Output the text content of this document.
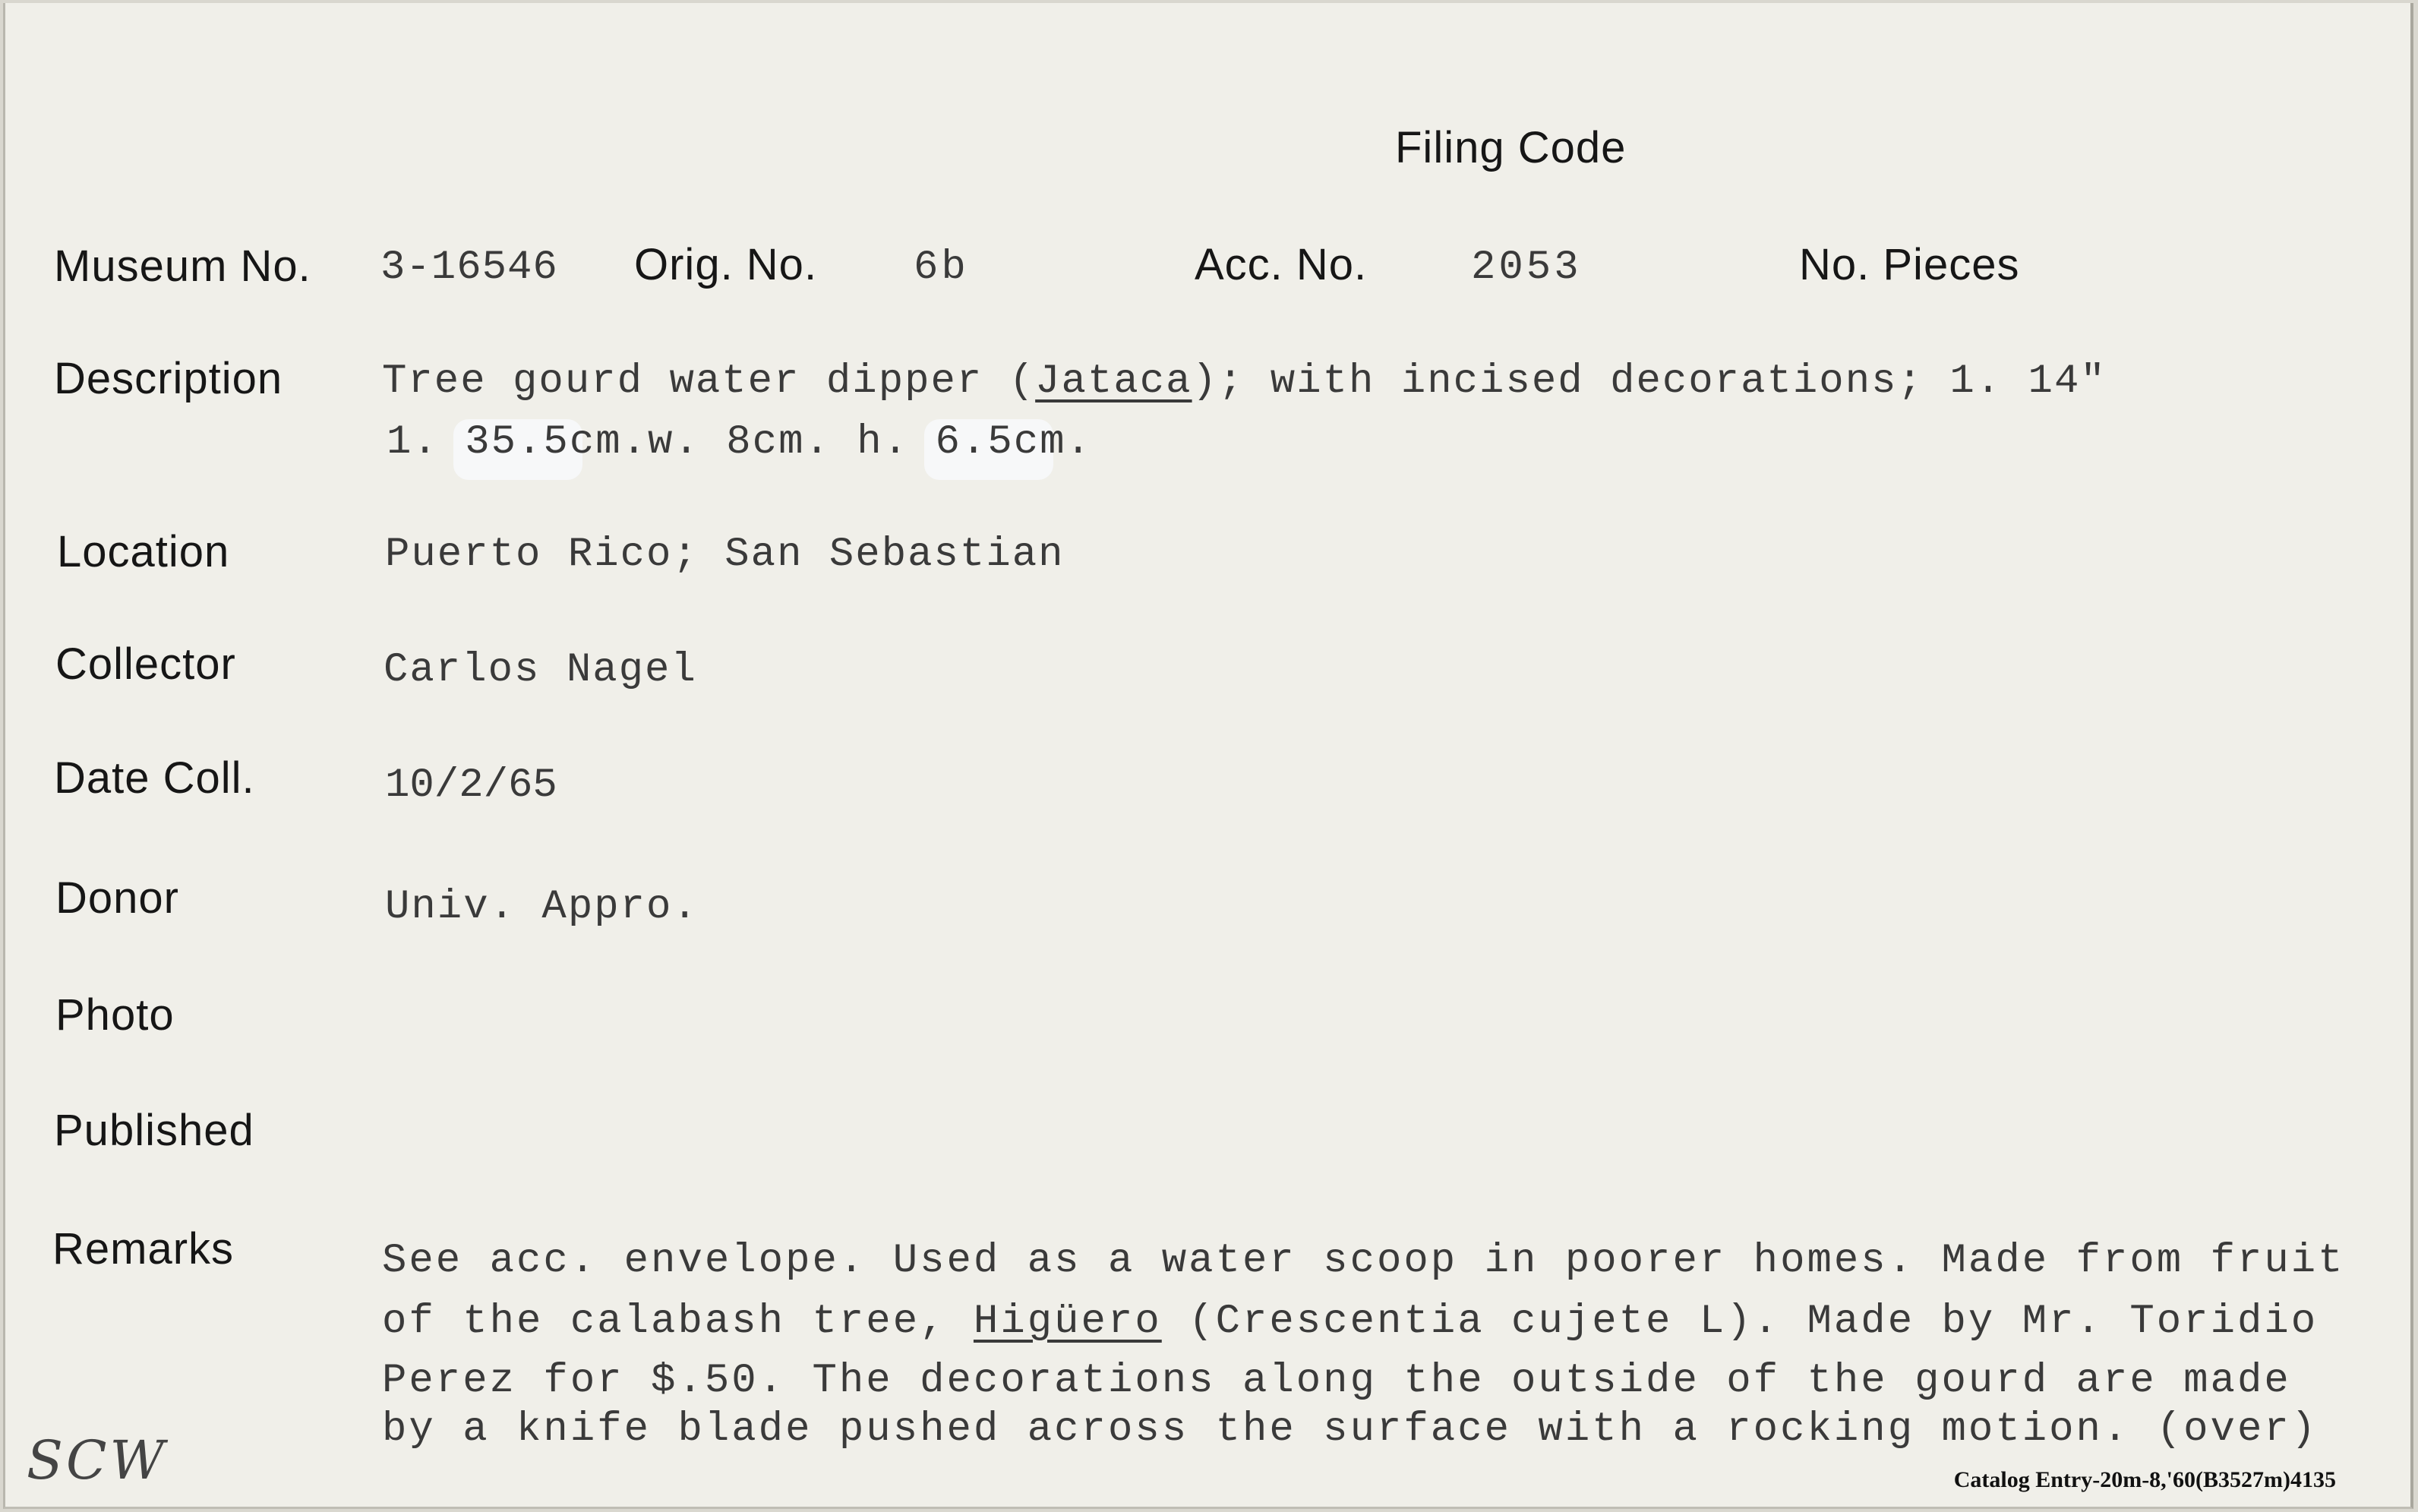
Filing Code
Museum No. 3-16546 Orig. No. 6b	Acc. No.	2053	No. Pieces
Description Tree gourd water dipper (Jataca); with incised decorations; 1. 14"
1. 35.5cm.w. 8cm. h. 6.5cm.
Location	Puerto Rico; San Sebastian
Collector	Carlos Nagel
Date Coll.	10/2/65
Donor	Univ. Appro.
Photo
Published
Remarks	See acc. envelope. Used as a water scoop in poorer homes. Made from fruit
of the calabash tree, Higüero (Crescentia cujete L). Made by Mr. Toridio
Perez for $.50. The decorations along the outside of the gourd are made
by a knife blade pushed across the surface with a rocking motion. (over)
SCW	Catalog Entry-20m-8,'60(B3527m)4135
